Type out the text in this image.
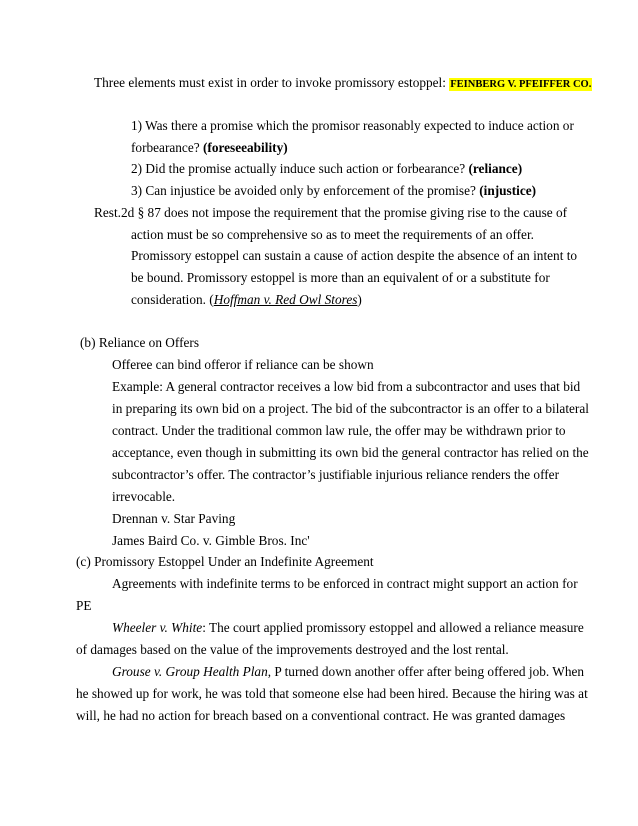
Three elements must exist in order to invoke promissory estoppel: FEINBERG V. PFEIFFER CO.
1) Was there a promise which the promisor reasonably expected to induce action or
forbearance? (foreseeability)
2) Did the promise actually induce such action or forbearance? (reliance)
3) Can injustice be avoided only by enforcement of the promise? (injustice)
Rest.2d § 87 does not impose the requirement that the promise giving rise to the cause of
action must be so comprehensive so as to meet the requirements of an offer.
Promissory estoppel can sustain a cause of action despite the absence of an intent to
be bound. Promissory estoppel is more than an equivalent of or a substitute for
consideration. (Hoffman v. Red Owl Stores)
(b) Reliance on Offers
Offeree can bind offeror if reliance can be shown
Example: A general contractor receives a low bid from a subcontractor and uses that bid
in preparing its own bid on a project. The bid of the subcontractor is an offer to a bilateral
contract. Under the traditional common law rule, the offer may be withdrawn prior to
acceptance, even though in submitting its own bid the general contractor has relied on the
subcontractor’s offer. The contractor’s justifiable injurious reliance renders the offer
irrevocable.
Drennan v. Star Paving
James Baird Co. v. Gimble Bros. Inc'
(c) Promissory Estoppel Under an Indefinite Agreement
Agreements with indefinite terms to be enforced in contract might support an action for
PE
Wheeler v. White: The court applied promissory estoppel and allowed a reliance measure
of damages based on the value of the improvements destroyed and the lost rental.
Grouse v. Group Health Plan, P turned down another offer after being offered job. When
he showed up for work, he was told that someone else had been hired. Because the hiring was at
will, he had no action for breach based on a conventional contract. He was granted damages
